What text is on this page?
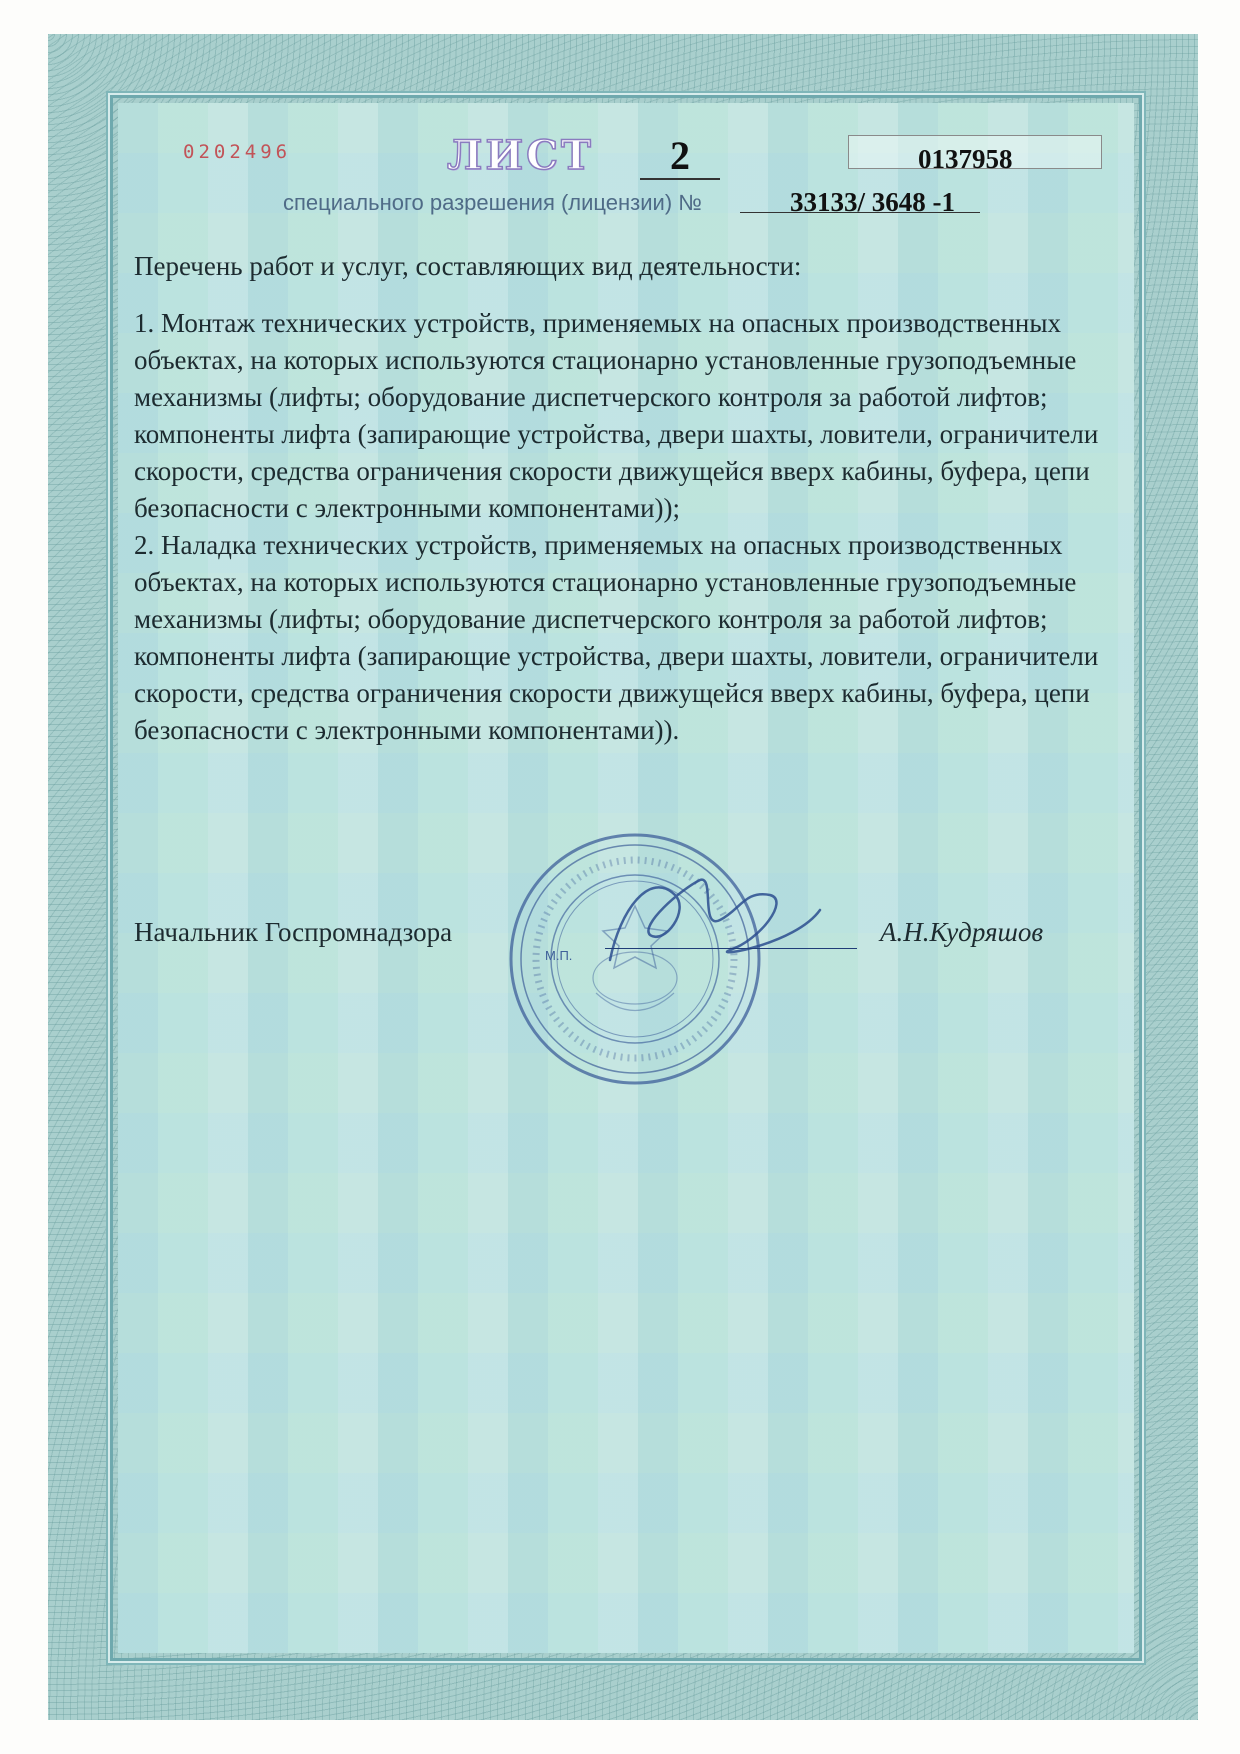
0202496	ЛИСТ	2	0137958
специального разрешения (лицензии) №	33133/ 3648 -1

Перечень работ и услуг, составляющих вид деятельности:

1. Монтаж технических устройств, применяемых на опасных производственных объектах, на которых используются стационарно установленные грузоподъемные механизмы (лифты; оборудование диспетчерского контроля за работой лифтов; компоненты лифта (запирающие устройства, двери шахты, ловители, ограничители скорости, средства ограничения скорости движущейся вверх кабины, буфера, цепи безопасности с электронными компонентами));

2. Наладка технических устройств, применяемых на опасных производственных объектах, на которых используются стационарно установленные грузоподъемные механизмы (лифты; оборудование диспетчерского контроля за работой лифтов; компоненты лифта (запирающие устройства, двери шахты, ловители, ограничители скорости, средства ограничения скорости движущейся вверх кабины, буфера, цепи безопасности с электронными компонентами)).

Начальник Госпромнадзора
М.П.
А.Н.Кудряшов
